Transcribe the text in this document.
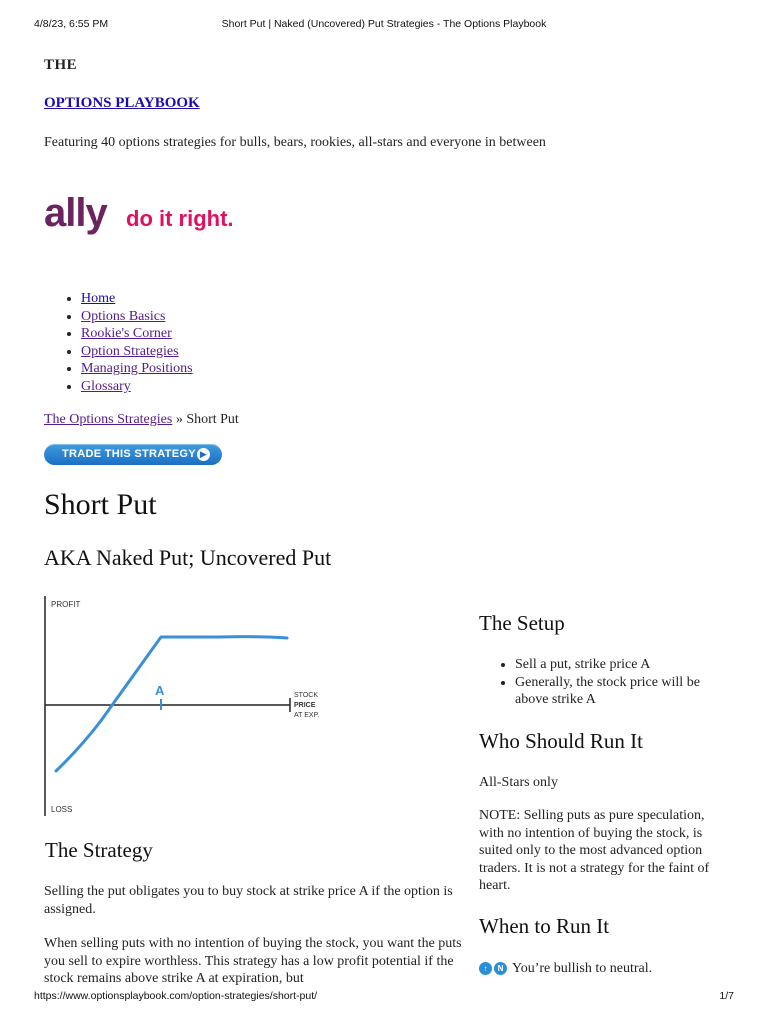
4/8/23, 6:55 PM	Short Put | Naked (Uncovered) Put Strategies - The Options Playbook
THE
OPTIONS PLAYBOOK
Featuring 40 options strategies for bulls, bears, rookies, all-stars and everyone in between
ally do it right.
• Home
• Options Basics
• Rookie's Corner
• Option Strategies
• Managing Positions
• Glossary
The Options Strategies » Short Put
TRADE THIS STRATEGY ▶
Short Put
AKA Naked Put; Uncovered Put
PROFIT
LOSS
A	STOCK
PRICE
AT EXP.
The Strategy

Selling the put obligates you to buy stock at strike price A if the option is assigned.

When selling puts with no intention of buying the stock, you want the puts you sell to expire worthless. This strategy has a low profit potential if the stock remains above strike A at expiration, but

The Setup
• Sell a put, strike price A
• Generally, the stock price will be above strike A
Who Should Run It

All-Stars only

NOTE: Selling puts as pure speculation, with no intention of buying the stock, is suited only to the most advanced option traders. It is not a strategy for the faint of heart.

When to Run It
↑ N You’re bullish to neutral.
https://www.optionsplaybook.com/option-strategies/short-put/	1/7
